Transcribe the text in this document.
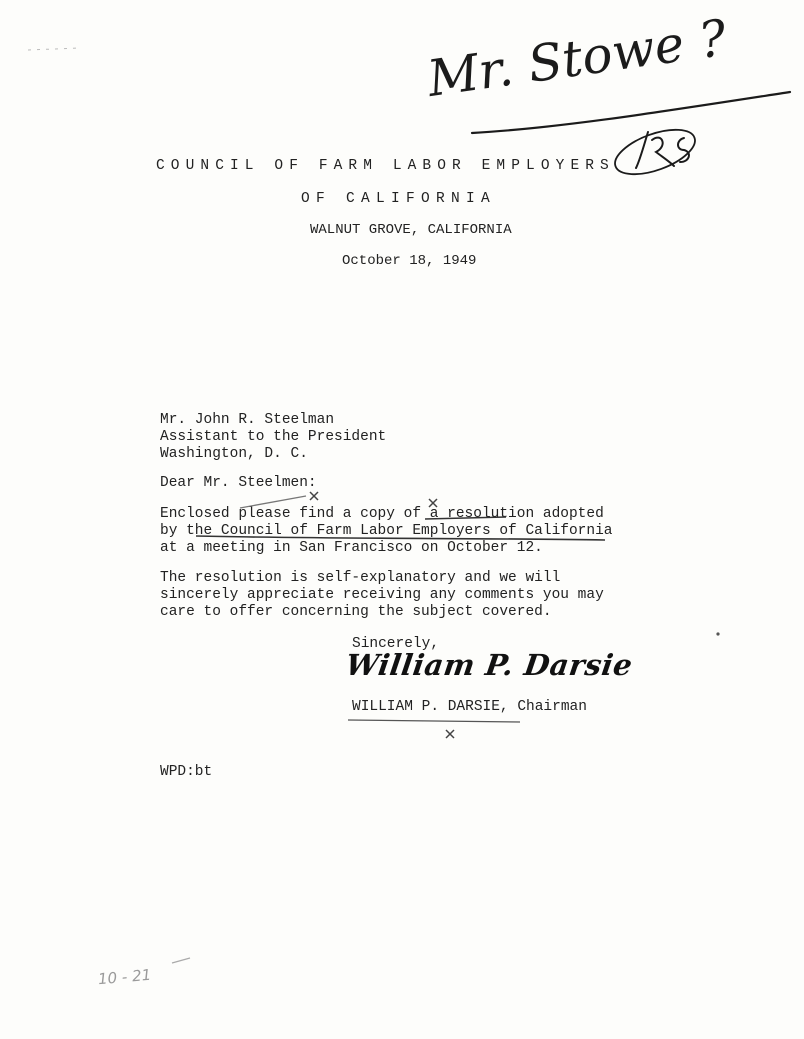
COUNCIL OF FARM LABOR EMPLOYERS
OF CALIFORNIA
WALNUT GROVE, CALIFORNIA
October 18, 1949
Mr. John R. Steelman
Assistant to the President
Washington, D. C.
Dear Mr. Steelmen:
Enclosed please find a copy of a resolution adopted
by the Council of Farm Labor Employers of California
at a meeting in San Francisco on October 12.
The resolution is self-explanatory and we will
sincerely appreciate receiving any comments you may
care to offer concerning the subject covered.
Sincerely,
William P. Darsie
WILLIAM P. DARSIE, Chairman
WPD:bt
Mr. Stowe ?
10 - 21
